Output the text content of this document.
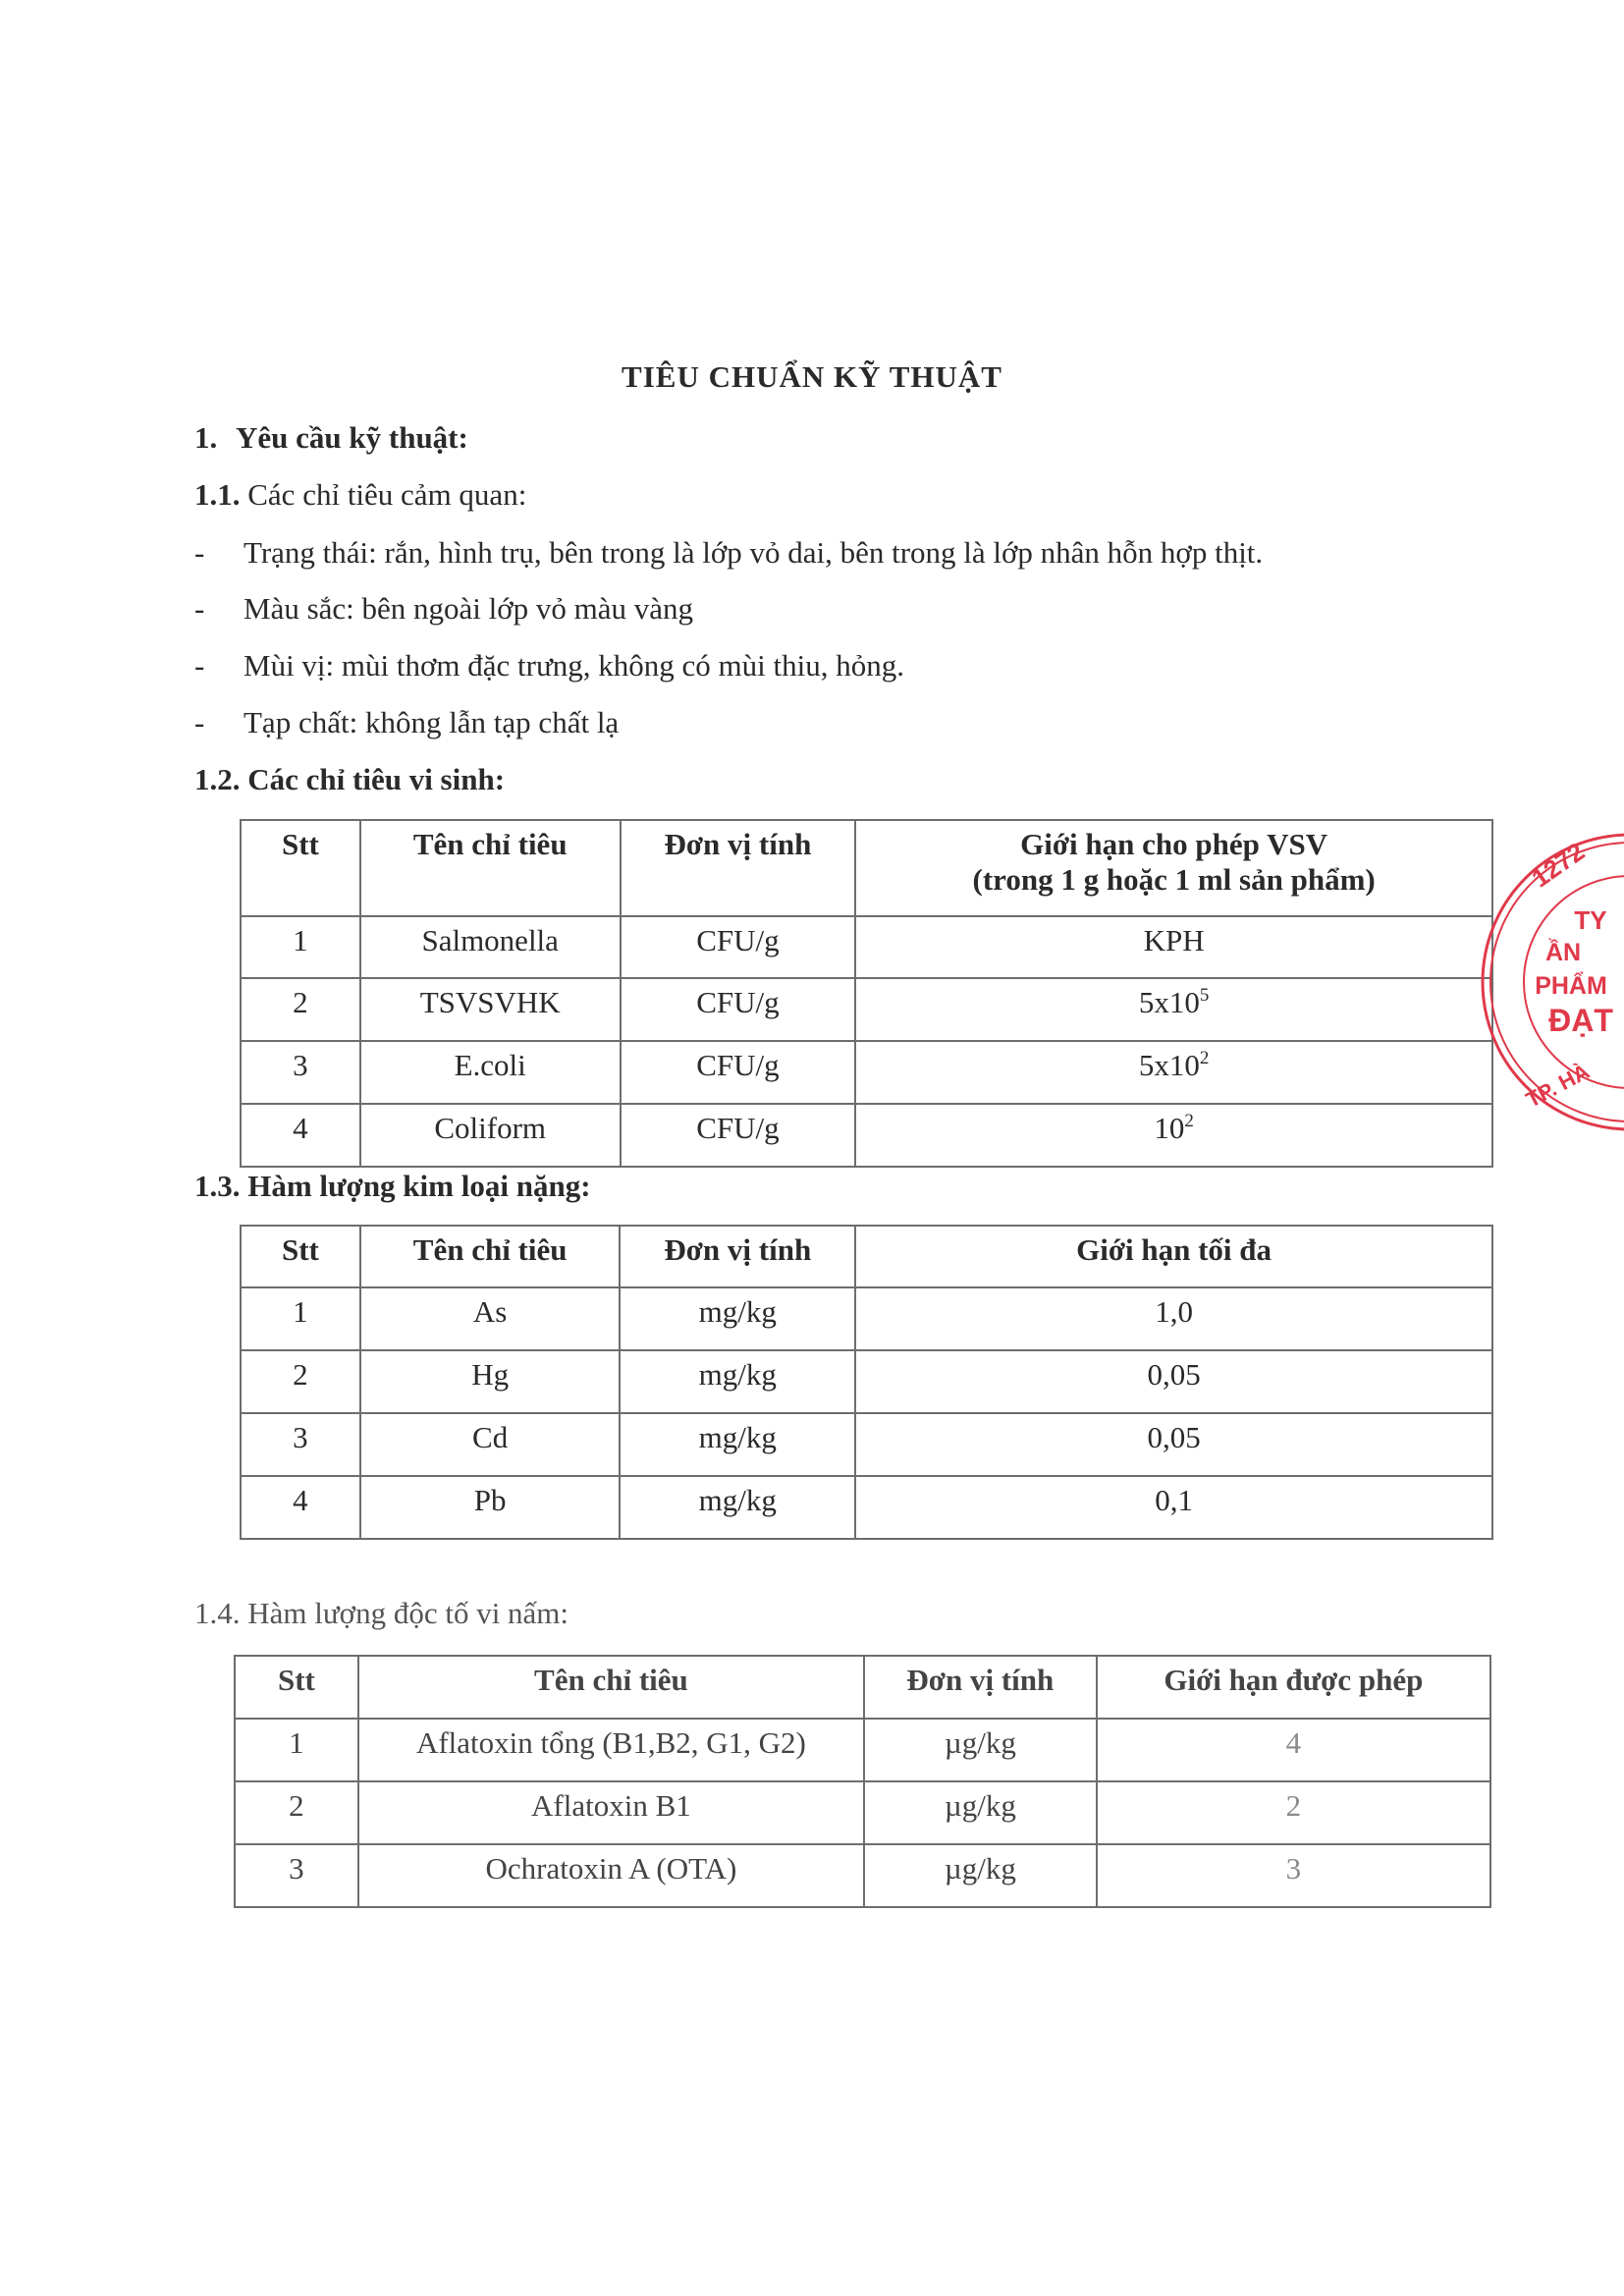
TIÊU CHUẨN KỸ THUẬT
1. Yêu cầu kỹ thuật:
1.1. Các chỉ tiêu cảm quan:
- Trạng thái: rắn, hình trụ, bên trong là lớp vỏ dai, bên trong là lớp nhân hỗn hợp thịt.
- Màu sắc: bên ngoài lớp vỏ màu vàng
- Mùi vị: mùi thơm đặc trưng, không có mùi thiu, hỏng.
- Tạp chất: không lẫn tạp chất lạ
1.2. Các chỉ tiêu vi sinh:
Stt	Tên chỉ tiêu	Đơn vị tính	Giới hạn cho phép VSV
(trong 1 g hoặc 1 ml sản phẩm)

1	Salmonella	CFU/g	KPH
2	TSVSVHK	CFU/g	$5x10^5$
3	E.coli	CFU/g	$5x10^2$
4	Coliform	CFU/g	$10^2$
1.3. Hàm lượng kim loại nặng:
Stt	Tên chỉ tiêu	Đơn vị tính	Giới hạn tối đa
1	As	mg/kg	1,0
2	Hg	mg/kg	0,05
3	Cd	mg/kg	0,05
4	Pb	mg/kg	0,1
1.4. Hàm lượng độc tố vi nấm:
Stt	Tên chỉ tiêu	Đơn vị tính	Giới hạn được phép
1	Aflatoxin tổng (B1,B2, G1, G2)	µg/kg	4
2	Aflatoxin B1	µg/kg	2
3	Ochratoxin A (OTA)	µg/kg	3
1272
TY
ẦN
PHẨM
ĐẠT
TP. HÀ
